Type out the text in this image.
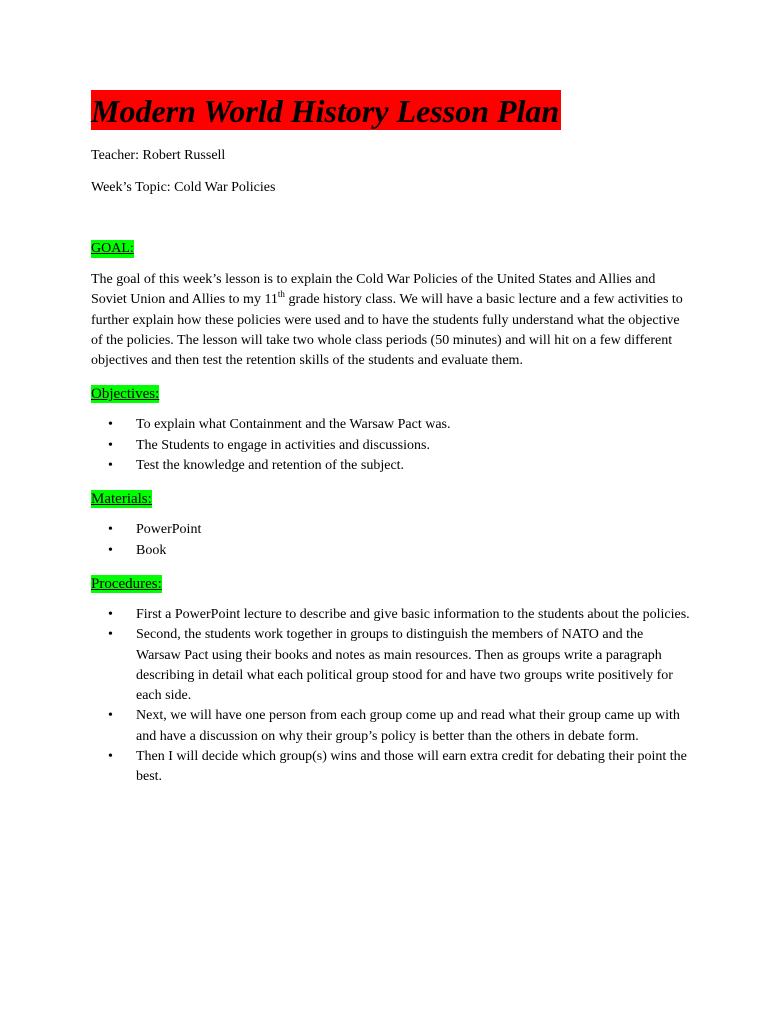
Modern World History Lesson Plan

Teacher: Robert Russell

Week’s Topic: Cold War Policies

GOAL:

The goal of this week’s lesson is to explain the Cold War Policies of the United States and Allies and Soviet Union and Allies to my 11th grade history class. We will have a basic lecture and a few activities to further explain how these policies were used and to have the students fully understand what the objective of the policies. The lesson will take two whole class periods (50 minutes) and will hit on a few different objectives and then test the retention skills of the students and evaluate them.

Objectives:
• To explain what Containment and the Warsaw Pact was.
• The Students to engage in activities and discussions.
• Test the knowledge and retention of the subject.
Materials:
• PowerPoint
• Book
Procedures:
• First a PowerPoint lecture to describe and give basic information to the students about the policies.
• Second, the students work together in groups to distinguish the members of NATO and the Warsaw Pact using their books and notes as main resources. Then as groups write a paragraph describing in detail what each political group stood for and have two groups write positively for each side.
• Next, we will have one person from each group come up and read what their group came up with and have a discussion on why their group’s policy is better than the others in debate form.
• Then I will decide which group(s) wins and those will earn extra credit for debating their point the best.
